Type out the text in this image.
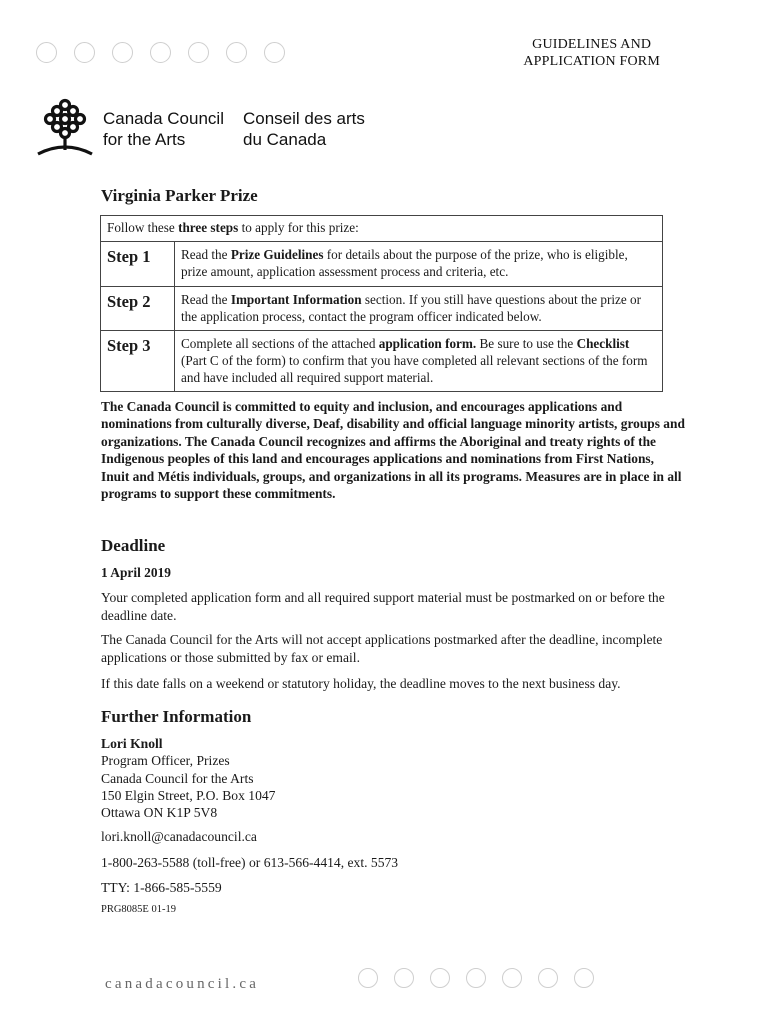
GUIDELINES AND
APPLICATION FORM
Canada Council
for the Arts
Conseil des arts
du Canada
Virginia Parker Prize
Follow these three steps to apply for this prize:
Step 1	Read the Prize Guidelines for details about the purpose of the prize, who is eligible, prize amount, application assessment process and criteria, etc.
Step 2	Read the Important Information section. If you still have questions about the prize or the application process, contact the program officer indicated below.
Step 3	Complete all sections of the attached application form. Be sure to use the Checklist (Part C of the form) to confirm that you have completed all relevant sections of the form and have included all required support material.
The Canada Council is committed to equity and inclusion, and encourages applications and nominations from culturally diverse, Deaf, disability and official language minority artists, groups and organizations. The Canada Council recognizes and affirms the Aboriginal and treaty rights of the Indigenous peoples of this land and encourages applications and nominations from First Nations, Inuit and Métis individuals, groups, and organizations in all its programs. Measures are in place in all programs to support these commitments.
Deadline
1 April 2019
Your completed application form and all required support material must be postmarked on or before the deadline date.
The Canada Council for the Arts will not accept applications postmarked after the deadline, incomplete applications or those submitted by fax or email.
If this date falls on a weekend or statutory holiday, the deadline moves to the next business day.
Further Information
Lori Knoll
Program Officer, Prizes
Canada Council for the Arts
150 Elgin Street, P.O. Box 1047
Ottawa ON K1P 5V8
lori.knoll@canadacouncil.ca
1-800-263-5588 (toll-free) or 613-566-4414, ext. 5573
TTY: 1-866-585-5559
PRG8085E 01-19
canadacouncil.ca
